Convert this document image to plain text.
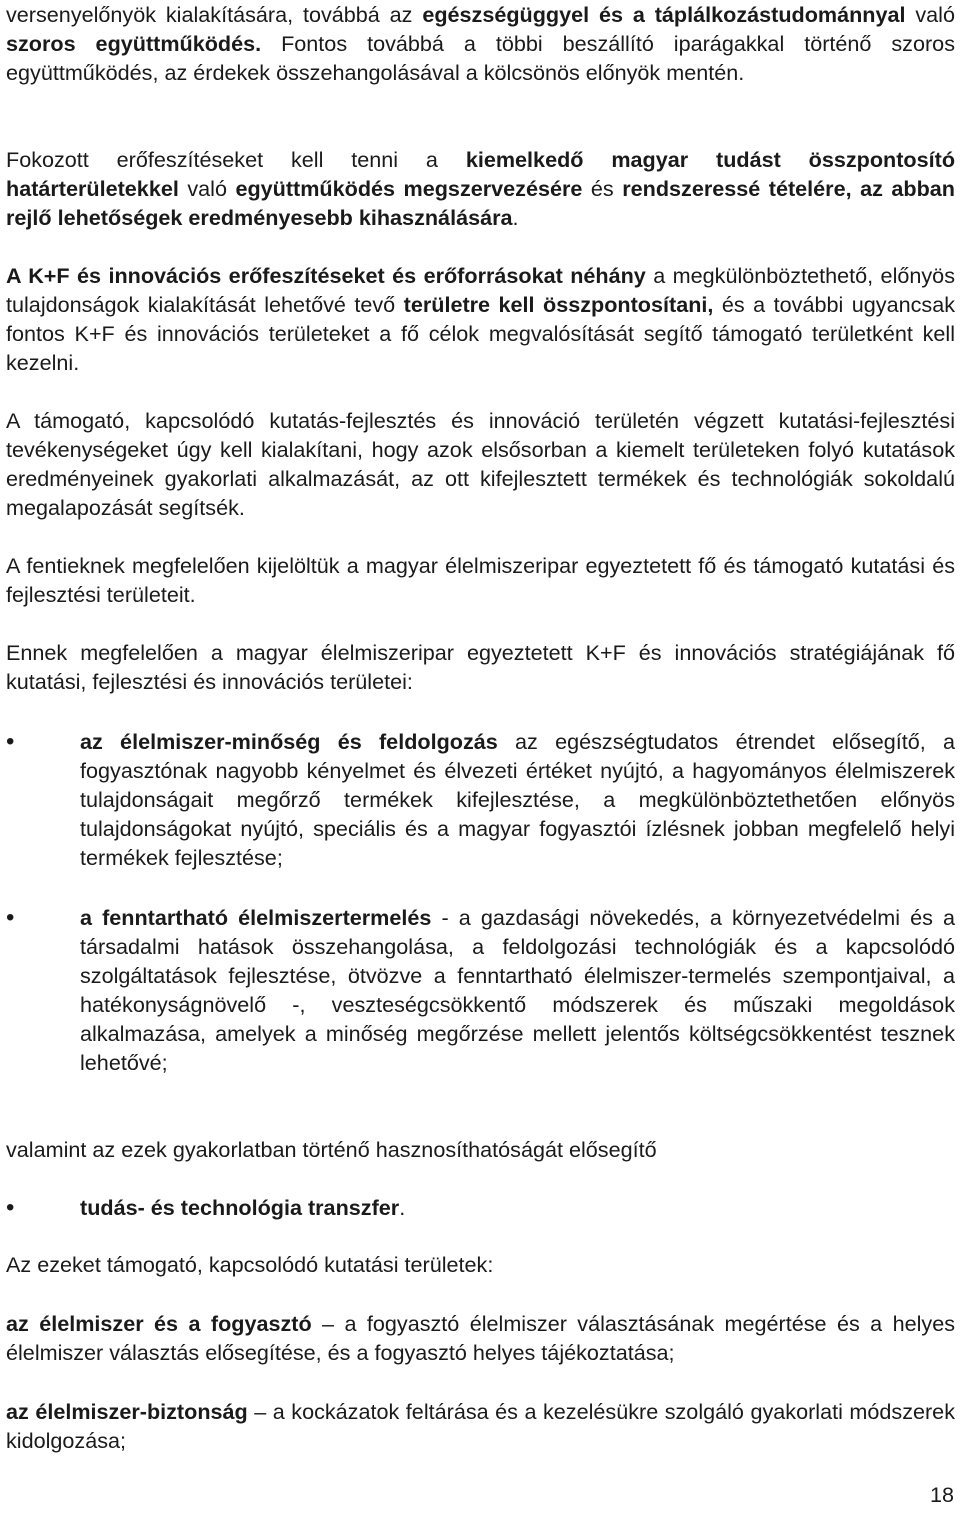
versenyelőnyök kialakítására, továbbá az egészségüggyel és a táplálkozástudománnyal való szoros együttműködés. Fontos továbbá a többi beszállító iparágakkal történő szoros együttműködés, az érdekek összehangolásával a kölcsönös előnyök mentén.

Fokozott erőfeszítéseket kell tenni a kiemelkedő magyar tudást összpontosító határterületekkel való együttműködés megszervezésére és rendszeressé tételére, az abban rejlő lehetőségek eredményesebb kihasználására.

A K+F és innovációs erőfeszítéseket és erőforrásokat néhány a megkülönböztethető, előnyös tulajdonságok kialakítását lehetővé tevő területre kell összpontosítani, és a további ugyancsak fontos K+F és innovációs területeket a fő célok megvalósítását segítő támogató területként kell kezelni.

A támogató, kapcsolódó kutatás-fejlesztés és innováció területén végzett kutatási-fejlesztési tevékenységeket úgy kell kialakítani, hogy azok elsősorban a kiemelt területeken folyó kutatások eredményeinek gyakorlati alkalmazását, az ott kifejlesztett termékek és technológiák sokoldalú megalapozását segítsék.

A fentieknek megfelelően kijelöltük a magyar élelmiszeripar egyeztetett fő és támogató kutatási és fejlesztési területeit.

Ennek megfelelően a magyar élelmiszeripar egyeztetett K+F és innovációs stratégiájának fő kutatási, fejlesztési és innovációs területei:

•	az élelmiszer-minőség és feldolgozás az egészségtudatos étrendet elősegítő, a fogyasztónak nagyobb kényelmet és élvezeti értéket nyújtó, a hagyományos élelmiszerek tulajdonságait megőrző termékek kifejlesztése, a megkülönböztethetően előnyös tulajdonságokat nyújtó, speciális és a magyar fogyasztói ízlésnek jobban megfelelő helyi termékek fejlesztése;

•	a fenntartható élelmiszertermelés - a gazdasági növekedés, a környezetvédelmi és a társadalmi hatások összehangolása, a feldolgozási technológiák és a kapcsolódó szolgáltatások fejlesztése, ötvözve a fenntartható élelmiszer-termelés szempontjaival, a hatékonyságnövelő -, veszteségcsökkentő módszerek és műszaki megoldások alkalmazása, amelyek a minőség megőrzése mellett jelentős költségcsökkentést tesznek lehetővé;

valamint az ezek gyakorlatban történő hasznosíthatóságát elősegítő

•	tudás- és technológia transzfer.

Az ezeket támogató, kapcsolódó kutatási területek:

az élelmiszer és a fogyasztó – a fogyasztó élelmiszer választásának megértése és a helyes élelmiszer választás elősegítése, és a fogyasztó helyes tájékoztatása;

az élelmiszer-biztonság – a kockázatok feltárása és a kezelésükre szolgáló gyakorlati módszerek kidolgozása;

18
